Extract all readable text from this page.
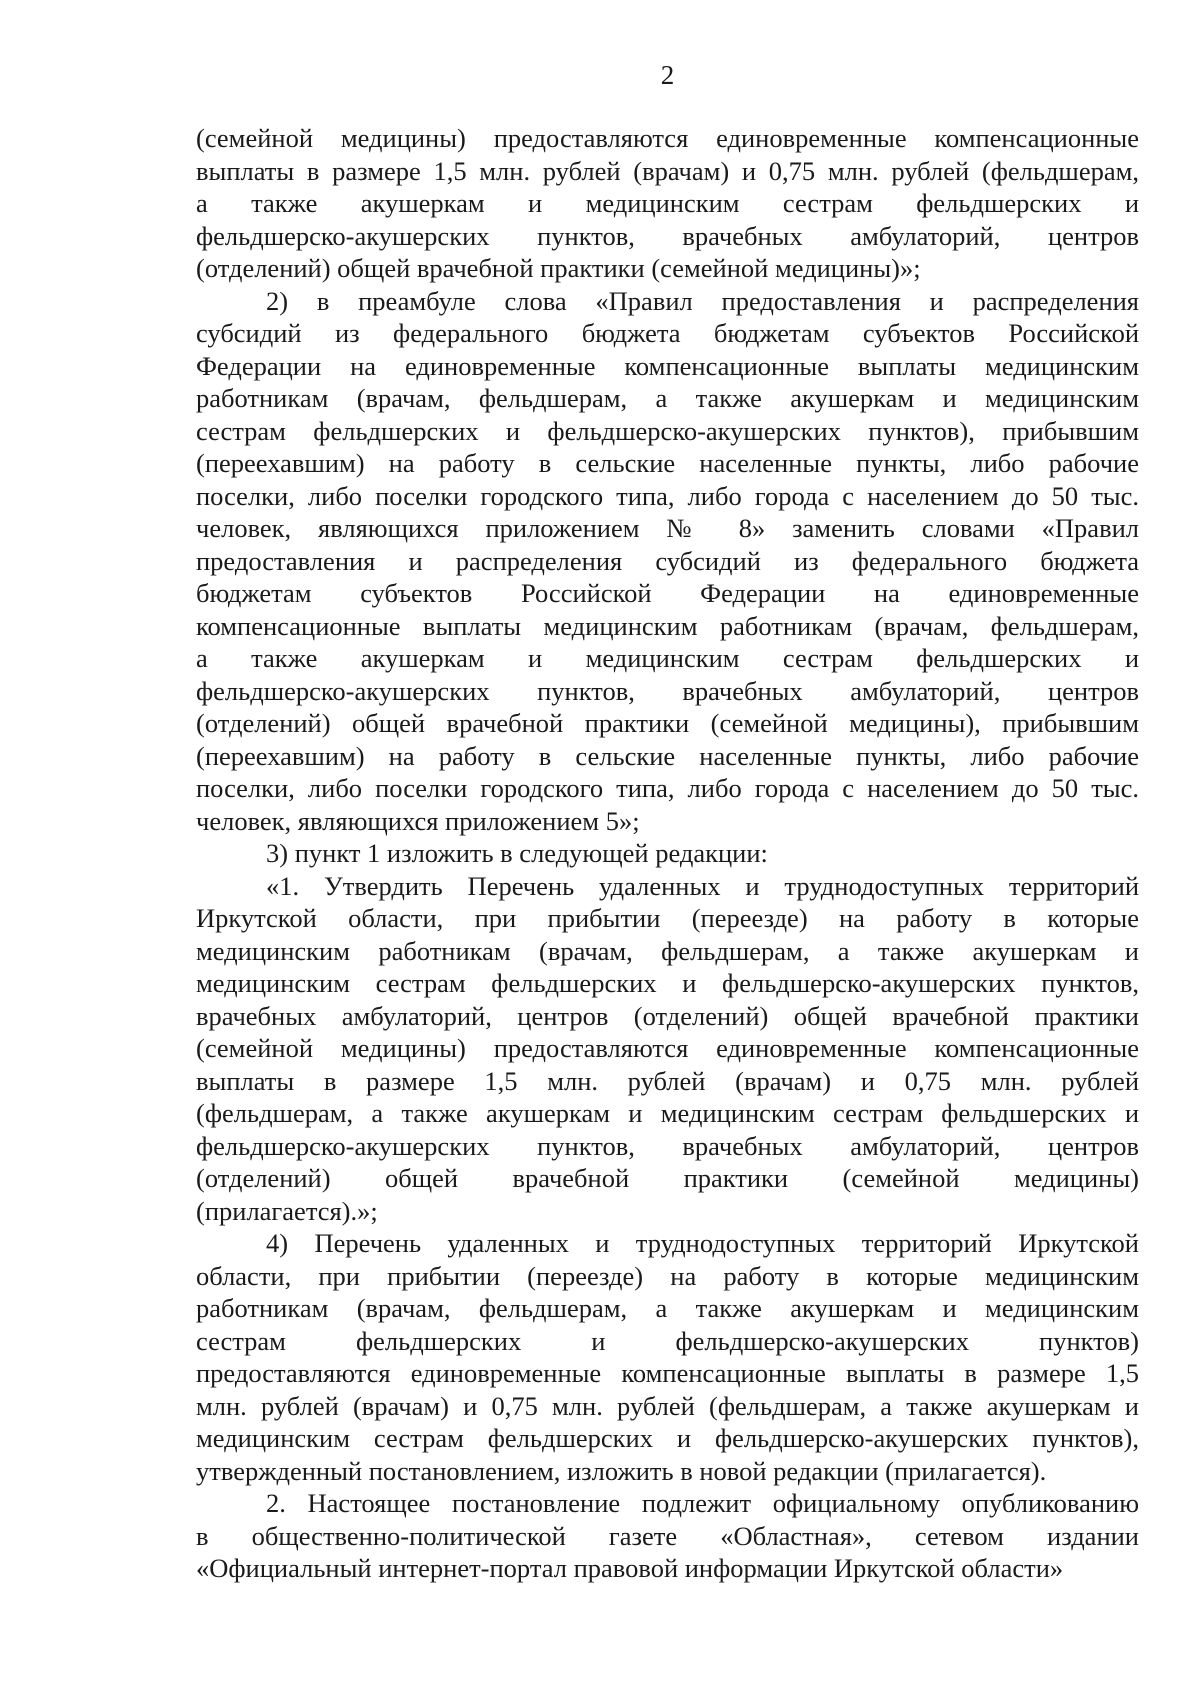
2

(семейной медицины) предоставляются единовременные компенсационные
выплаты в размере 1,5 млн. рублей (врачам) и 0,75 млн. рублей (фельдшерам,
а также акушеркам и медицинским сестрам фельдшерских и
фельдшерско-акушерских пунктов, врачебных амбулаторий, центров
(отделений) общей врачебной практики (семейной медицины)»;

2) в преамбуле слова «Правил предоставления и распределения
субсидий из федерального бюджета бюджетам субъектов Российской
Федерации на единовременные компенсационные выплаты медицинским
работникам (врачам, фельдшерам, а также акушеркам и медицинским
сестрам фельдшерских и фельдшерско-акушерских пунктов), прибывшим
(переехавшим) на работу в сельские населенные пункты, либо рабочие
поселки, либо поселки городского типа, либо города с населением до 50 тыс.
человек, являющихся приложением № 8» заменить словами «Правил
предоставления и распределения субсидий из федерального бюджета
бюджетам субъектов Российской Федерации на единовременные
компенсационные выплаты медицинским работникам (врачам, фельдшерам,
а также акушеркам и медицинским сестрам фельдшерских и
фельдшерско-акушерских пунктов, врачебных амбулаторий, центров
(отделений) общей врачебной практики (семейной медицины), прибывшим
(переехавшим) на работу в сельские населенные пункты, либо рабочие
поселки, либо поселки городского типа, либо города с населением до 50 тыс.
человек, являющихся приложением 5»;

3) пункт 1 изложить в следующей редакции:

«1. Утвердить Перечень удаленных и труднодоступных территорий
Иркутской области, при прибытии (переезде) на работу в которые
медицинским работникам (врачам, фельдшерам, а также акушеркам и
медицинским сестрам фельдшерских и фельдшерско-акушерских пунктов,
врачебных амбулаторий, центров (отделений) общей врачебной практики
(семейной медицины) предоставляются единовременные компенсационные
выплаты в размере 1,5 млн. рублей (врачам) и 0,75 млн. рублей
(фельдшерам, а также акушеркам и медицинским сестрам фельдшерских и
фельдшерско-акушерских пунктов, врачебных амбулаторий, центров
(отделений) общей врачебной практики (семейной медицины)
(прилагается).»;

4) Перечень удаленных и труднодоступных территорий Иркутской
области, при прибытии (переезде) на работу в которые медицинским
работникам (врачам, фельдшерам, а также акушеркам и медицинским
сестрам фельдшерских и фельдшерско-акушерских пунктов)
предоставляются единовременные компенсационные выплаты в размере 1,5
млн. рублей (врачам) и 0,75 млн. рублей (фельдшерам, а также акушеркам и
медицинским сестрам фельдшерских и фельдшерско-акушерских пунктов),
утвержденный постановлением, изложить в новой редакции (прилагается).

2. Настоящее постановление подлежит официальному опубликованию
в общественно-политической газете «Областная», сетевом издании
«Официальный интернет-портал правовой информации Иркутской области»
